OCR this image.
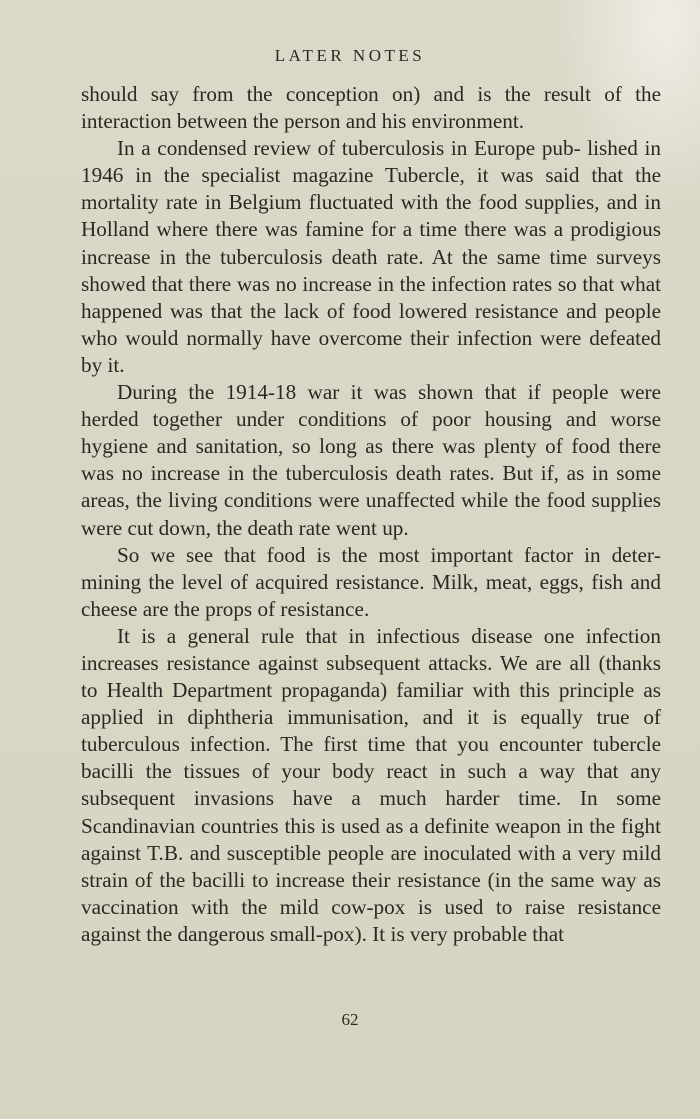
LATER NOTES

should say from the conception on) and is the result of the interaction between the person and his environment.

In a condensed review of tuberculosis in Europe pub‐ lished in 1946 in the specialist magazine Tubercle, it was said that the mortality rate in Belgium fluctuated with the food supplies, and in Holland where there was famine for a time there was a prodigious increase in the tuberculosis death rate. At the same time surveys showed that there was no increase in the infection rates so that what happened was that the lack of food lowered resistance and people who would normally have overcome their infection were defeated by it.

During the 1914‐18 war it was shown that if people were herded together under conditions of poor housing and worse hygiene and sanitation, so long as there was plenty of food there was no increase in the tuberculosis death rates. But if, as in some areas, the living conditions were unaffected while the food supplies were cut down, the death rate went up.

So we see that food is the most important factor in deter‐ mining the level of acquired resistance. Milk, meat, eggs, fish and cheese are the props of resistance.

It is a general rule that in infectious disease one infection increases resistance against subsequent attacks. We are all (thanks to Health Department propaganda) familiar with this principle as applied in diphtheria immunisation, and it is equally true of tuberculous infection. The first time that you encounter tubercle bacilli the tissues of your body react in such a way that any subsequent invasions have a much harder time. In some Scandinavian countries this is used as a definite weapon in the fight against T.B. and susceptible people are inoculated with a very mild strain of the bacilli to increase their resistance (in the same way as vaccination with the mild cow‐pox is used to raise resistance against the dangerous small‐pox). It is very probable that

62
